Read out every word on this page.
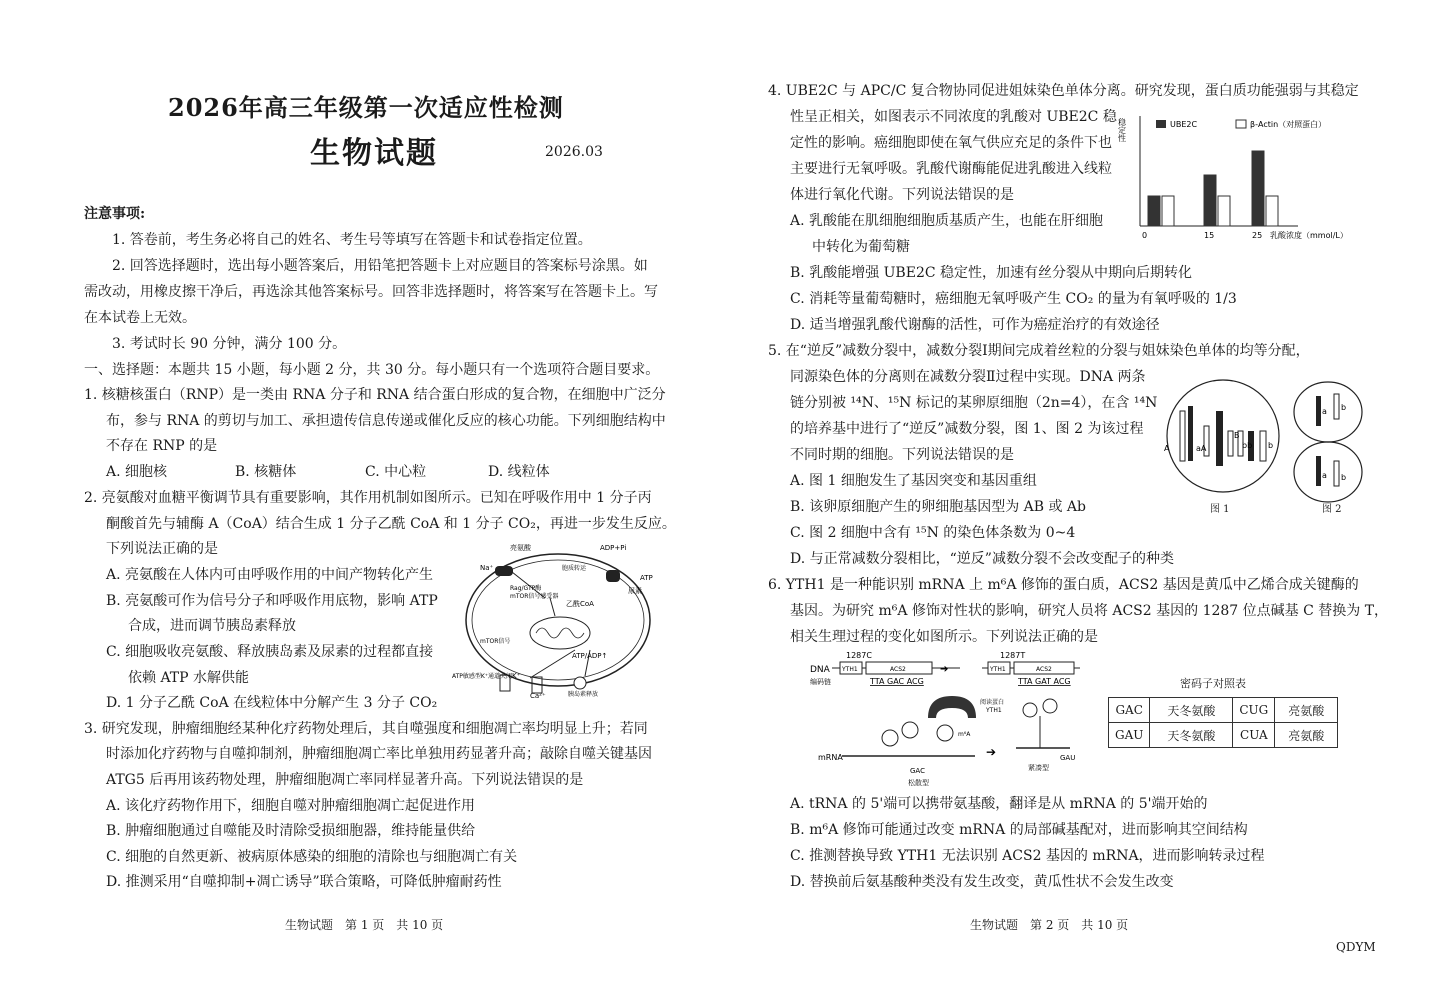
2026年高三年级第一次适应性检测
生物试题	2026.03
注意事项:
1. 答卷前，考生务必将自己的姓名、考生号等填写在答题卡和试卷指定位置。
2. 回答选择题时，选出每小题答案后，用铅笔把答题卡上对应题目的答案标号涂黑。如
需改动，用橡皮擦干净后，再选涂其他答案标号。回答非选择题时，将答案写在答题卡上。写
在本试卷上无效。
3. 考试时长 90 分钟，满分 100 分。
一、选择题：本题共 15 小题，每小题 2 分，共 30 分。每小题只有一个选项符合题目要求。
1. 核糖核蛋白（RNP）是一类由 RNA 分子和 RNA 结合蛋白形成的复合物，在细胞中广泛分
布，参与 RNA 的剪切与加工、承担遗传信息传递或催化反应的核心功能。下列细胞结构中
不存在 RNP 的是
A. 细胞核	B. 核糖体	C. 中心粒	D. 线粒体
2. 亮氨酸对血糖平衡调节具有重要影响，其作用机制如图所示。已知在呼吸作用中 1 分子丙
酮酸首先与辅酶 A（CoA）结合生成 1 分子乙酰 CoA 和 1 分子 CO₂，再进一步发生反应。
下列说法正确的是
A. 亮氨酸在人体内可由呼吸作用的中间产物转化产生
B. 亮氨酸可作为信号分子和呼吸作用底物，影响 ATP
合成，进而调节胰岛素释放
C. 细胞吸收亮氨酸、释放胰岛素及尿素的过程都直接
依赖 ATP 水解供能
D. 1 分子乙酰 CoA 在线粒体中分解产生 3 分子 CO₂
亮氨酸	ADP+Pi
ATP
尿素
Na⁺
Rag/GTP酶
mTOR信号感受器
胞质转运
乙酰CoA
mTOR信号
ATP/ADP↑
ATP敏感型K⁺通道关闭 K⁺
Ca²⁺	胰岛素释放
3. 研究发现，肿瘤细胞经某种化疗药物处理后，其自噬强度和细胞凋亡率均明显上升；若同
时添加化疗药物与自噬抑制剂，肿瘤细胞凋亡率比单独用药显著升高；敲除自噬关键基因
ATG5 后再用该药物处理，肿瘤细胞凋亡率同样显著升高。下列说法错误的是
A. 该化疗药物作用下，细胞自噬对肿瘤细胞凋亡起促进作用
B. 肿瘤细胞通过自噬能及时清除受损细胞器，维持能量供给
C. 细胞的自然更新、被病原体感染的细胞的清除也与细胞凋亡有关
D. 推测采用“自噬抑制+凋亡诱导”联合策略，可降低肿瘤耐药性
生物试题　第 1 页　共 10 页
4. UBE2C 与 APC/C 复合物协同促进姐妹染色单体分离。研究发现，蛋白质功能强弱与其稳定
性呈正相关，如图表示不同浓度的乳酸对 UBE2C 稳
定性的影响。癌细胞即使在氧气供应充足的条件下也
主要进行无氧呼吸。乳酸代谢酶能促进乳酸进入线粒
体进行氧化代谢。下列说法错误的是
A. 乳酸能在肌细胞细胞质基质产生，也能在肝细胞
中转化为葡萄糖
B. 乳酸能增强 UBE2C 稳定性，加速有丝分裂从中期向后期转化
C. 消耗等量葡萄糖时，癌细胞无氧呼吸产生 CO₂ 的量为有氧呼吸的 1/3
D. 适当增强乳酸代谢酶的活性，可作为癌症治疗的有效途径
稳定性	UBE2C	β-Actin（对照蛋白）
0	15	25 乳酸浓度（mmol/L）
5. 在“逆反”减数分裂中，减数分裂Ⅰ期间完成着丝粒的分裂与姐妹染色单体的均等分配，
同源染色体的分离则在减数分裂Ⅱ过程中实现。DNA 两条
链分别被 ¹⁴N、¹⁵N 标记的某卵原细胞（2n=4），在含 ¹⁴N
的培养基中进行了“逆反”减数分裂，图 1、图 2 为该过程
不同时期的细胞。下列说法错误的是
A. 图 1 细胞发生了基因突变和基因重组
B. 该卵原细胞产生的卵细胞基因型为 AB 或 Ab
C. 图 2 细胞中含有 ¹⁵N 的染色体条数为 0~4
D. 与正常减数分裂相比，“逆反”减数分裂不会改变配子的种类
A	aA
B
bb b
a b
a b
图 1	图 2
6. YTH1 是一种能识别 mRNA 上 m⁶A 修饰的蛋白质，ACS2 基因是黄瓜中乙烯合成关键酶的
基因。为研究 m⁶A 修饰对性状的影响，研究人员将 ACS2 基因的 1287 位点碱基 C 替换为 T，
相关生理过程的变化如图所示。下列说法正确的是
1287C	1287T
DNA YTH1	ACS2	➔	YTH1	ACS2
编码链	TTA GAC ACG	TTA GAT ACG
阅读蛋白
YTH1
mRNA
m⁶A
GAC
松散型
➔	GAU
紧凑型
密码子对照表
GAC	天冬氨酸	CUG	亮氨酸
GAU	天冬氨酸	CUA	亮氨酸
A. tRNA 的 5'端可以携带氨基酸，翻译是从 mRNA 的 5'端开始的
B. m⁶A 修饰可能通过改变 mRNA 的局部碱基配对，进而影响其空间结构
C. 推测替换导致 YTH1 无法识别 ACS2 基因的 mRNA，进而影响转录过程
D. 替换前后氨基酸种类没有发生改变，黄瓜性状不会发生改变
生物试题　第 2 页　共 10 页
QDYM
